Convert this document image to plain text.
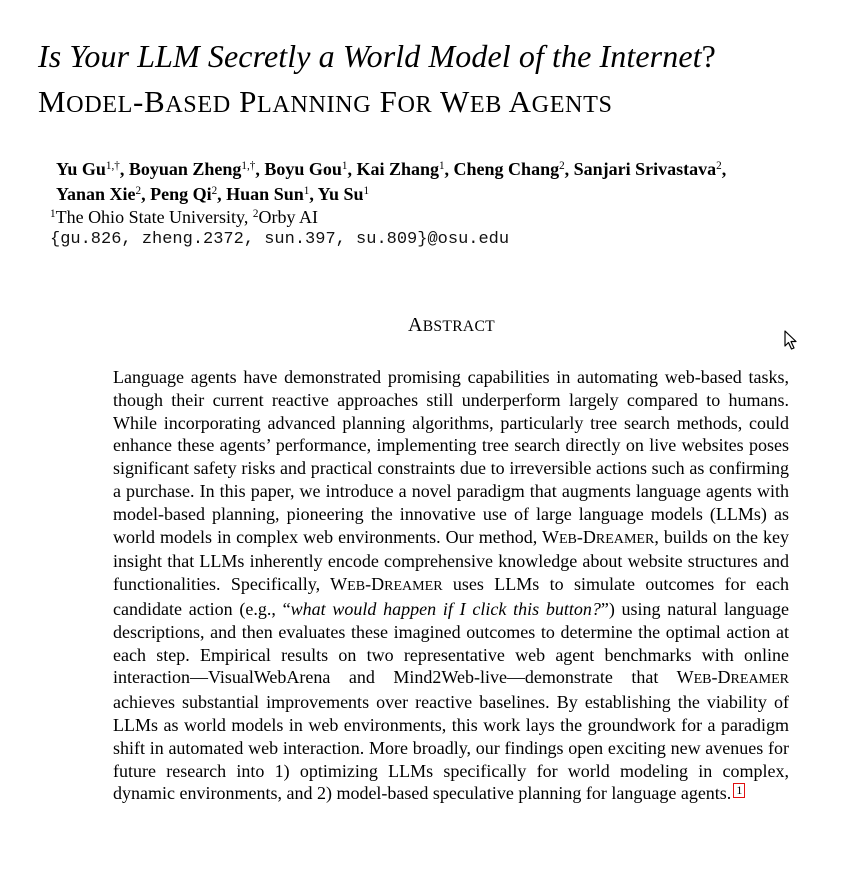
Is Your LLM Secretly a World Model of the Internet?
MODEL-BASED PLANNING FOR WEB AGENTS
Yu $Gu^{1,\dagger}$, Boyuan Zheng$^{1,\dagger}$, Boyu Gou$^1$, Kai Zhang$^1$, Cheng Chang$^2$, Sanjari Srivastava$^2$,
Yanan Xie$^2$, Peng Qi$^2$, Huan Sun$^1$, Yu Su$^1$
$^1$The Ohio State University, $^2$Orby AI
{gu.826, zheng.2372, sun.397, su.809}@osu.edu
ABSTRACT
Language agents have demonstrated promising capabilities in automating web-based tasks, though their current reactive approaches still underperform largely compared to humans. While incorporating advanced planning algorithms, particularly tree search methods, could enhance these agents’ performance, implementing tree search directly on live websites poses significant safety risks and practical constraints due to irreversible actions such as confirming a purchase. In this paper, we introduce a novel paradigm that augments language agents with model-based planning, pioneering the innovative use of large language models (LLMs) as world models in complex web environments. Our method, WEB-DREAMER, builds on the key insight that LLMs inherently encode comprehensive knowledge about website structures and functionalities. Specifically, WEB-DREAMER uses LLMs to simulate outcomes for each candidate action (e.g., “what would happen if I click this button?”) using natural language descriptions, and then evaluates these imagined outcomes to determine the optimal action at each step. Empirical results on two representative web agent benchmarks with online interaction—VisualWebArena and Mind2Web-live—demonstrate that WEB-DREAMER achieves substantial improvements over reactive baselines. By establishing the viability of LLMs as world models in web environments, this work lays the groundwork for a paradigm shift in automated web interaction. More broadly, our findings open exciting new avenues for future research into 1) optimizing LLMs specifically for world modeling in complex, dynamic environments, and 2) model-based speculative planning for language agents. 1
